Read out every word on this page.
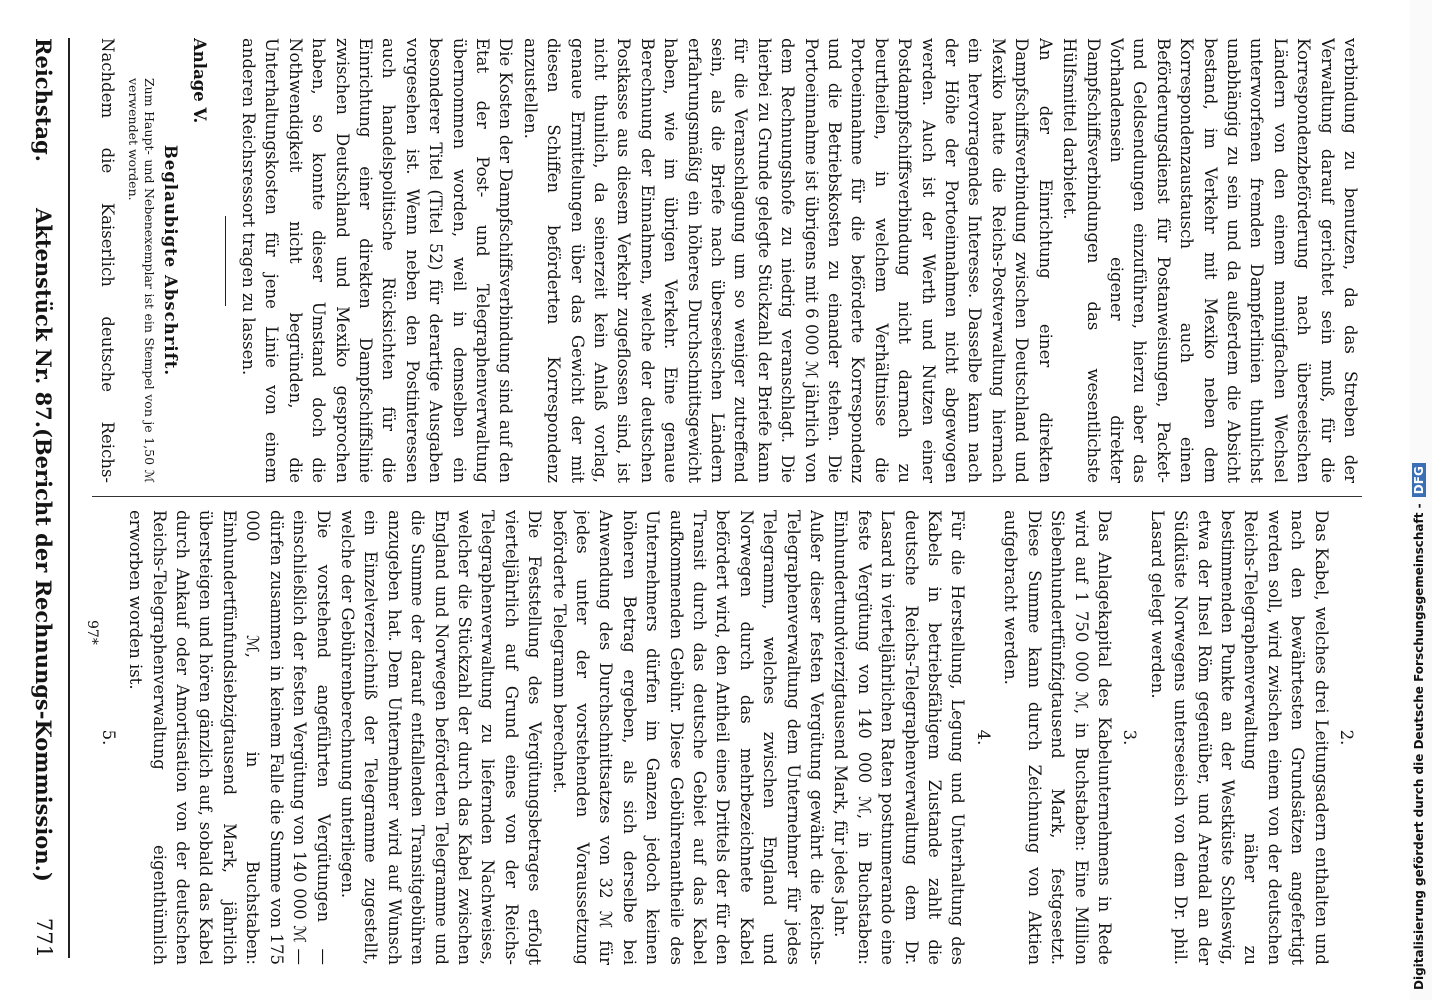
Digitalisierung gefördert durch die Deutsche Forschungsgemeinschaft - DFG
Reichstag.
Aktenstück Nr. 87.
(Bericht der Rechnungs-Kommission.)
771

verbindung zu benutzen, da das Streben der Verwaltung darauf gerichtet sein muß, für die Korrespondenzbeförderung nach überseeischen Ländern von den einem mannigfachen Wechsel unterworfenen fremden Dampferlinien thunlichst unabhängig zu sein und da außerdem die Absicht bestand, im Verkehr mit Mexiko neben dem Korrespondenzaustausch auch einen Beförderungsdienst für Postanweisungen, Packet- und Geldsendungen einzuführen, hierzu aber das Vorhandensein eigener direkter Dampfschiffsverbindungen das wesentlichste Hülfsmittel darbietet.

An der Einrichtung einer direkten Dampfschiffsverbindung zwischen Deutschland und Mexiko hatte die Reichs-Postverwaltung hiernach ein hervorragendes Interesse. Dasselbe kann nach der Höhe der Portoeinnahmen nicht abgewogen werden. Auch ist der Werth und Nutzen einer Postdampfschiffsverbindung nicht darnach zu beurtheilen, in welchem Verhältnisse die Portoeinnahme für die beförderte Korrespondenz und die Betriebskosten zu einander stehen. Die Portoeinnahme ist übrigens mit 6 000 ℳ jährlich von dem Rechnungshofe zu niedrig veranschlagt. Die hierbei zu Grunde gelegte Stückzahl der Briefe kann für die Veranschlagung um so weniger zutreffend sein, als die Briefe nach überseeischen Ländern erfahrungsmäßig ein höheres Durchschnittsgewicht haben, wie im übrigen Verkehr. Eine genaue Berechnung der Einnahmen, welche der deutschen Postkasse aus diesem Verkehr zugeflossen sind, ist nicht thunlich, da seinerzeit kein Anlaß vorlag, genaue Ermittelungen über das Gewicht der mit diesen Schiffen beförderten Korrespondenz anzustellen.

Die Kosten der Dampfschiffsverbindung sind auf den Etat der Post- und Telegraphenverwaltung übernommen worden, weil in demselben ein besonderer Titel (Titel 52) für derartige Ausgaben vorgesehen ist. Wenn neben den Postinteressen auch handelspolitische Rücksichten für die Einrichtung einer direkten Dampfschiffslinie zwischen Deutschland und Mexiko gesprochen haben, so konnte dieser Umstand doch die Nothwendigkeit nicht begründen, die Unterhaltungskosten für jene Linie von einem anderen Reichsressort tragen zu lassen.

Anlage V.

Beglaubigte Abschrift.

Zum Haupt- und Nebenexemplar ist ein Stempel von je 1,50 ℳ verwendet worden.

Nachdem die Kaiserlich deutsche Reichs-

2.

Das Kabel, welches drei Leitungsadern enthalten und nach den bewährtesten Grundsätzen angefertigt werden soll, wird zwischen einem von der deutschen Reichs-Telegraphenverwaltung näher zu bestimmenden Punkte an der Westküste Schleswig, etwa der Insel Röm gegenüber, und Arendal an der Südküste Norwegens unterseeisch von dem Dr. phil. Lasard gelegt werden.

3.

Das Anlagekapital des Kabelunternehmens in Rede wird auf 1 750 000 ℳ, in Buchstaben: Eine Million Siebenhundertfünfzigtausend Mark, festgesetzt. Diese Summe kann durch Zeichnung von Aktien aufgebracht werden.

4.

Für die Herstellung, Legung und Unterhaltung des Kabels in betriebsfähigem Zustande zahlt die deutsche Reichs-Telegraphenverwaltung dem Dr. Lasard in vierteljährlichen Raten postnumerando eine feste Vergütung von 140 000 ℳ, in Buchstaben: Einhundertundvierzigtausend Mark, für jedes Jahr.

Außer dieser festen Vergütung gewährt die Reichs-Telegraphenverwaltung dem Unternehmer für jedes Telegramm, welches zwischen England und Norwegen durch das mehrbezeichnete Kabel befördert wird, den Antheil eines Drittels der für den Transit durch das deutsche Gebiet auf das Kabel aufkommenden Gebühr. Diese Gebührenantheile des Unternehmers dürfen im Ganzen jedoch keinen höheren Betrag ergeben, als sich derselbe bei Anwendung des Durchschnittsatzes von 32 ℳ für jedes unter der vorstehenden Voraussetzung beförderte Telegramm berechnet.

Die Feststellung des Vergütungsbetrages erfolgt vierteljährlich auf Grund eines von der Reichs-Telegraphenverwaltung zu liefernden Nachweises, welcher die Stückzahl der durch das Kabel zwischen England und Norwegen beförderten Telegramme und die Summe der darauf entfallenden Transitgebühren anzugeben hat. Dem Unternehmer wird auf Wunsch ein Einzelverzeichniß der Telegramme zugestellt, welche der Gebührenberechnung unterliegen.

Die vorstehend angeführten Vergütungen — einschließlich der festen Vergütung von 140 000 ℳ — dürfen zusammen in keinem Falle die Summe von 175 000 ℳ, in Buchstaben: Einhundertfünfundsiebzigtausend Mark, jährlich übersteigen und hören gänzlich auf, sobald das Kabel durch Ankauf oder Amortisation von der deutschen Reichs-Telegraphenverwaltung eigenthümlich erworben worden ist.

5.

97*
